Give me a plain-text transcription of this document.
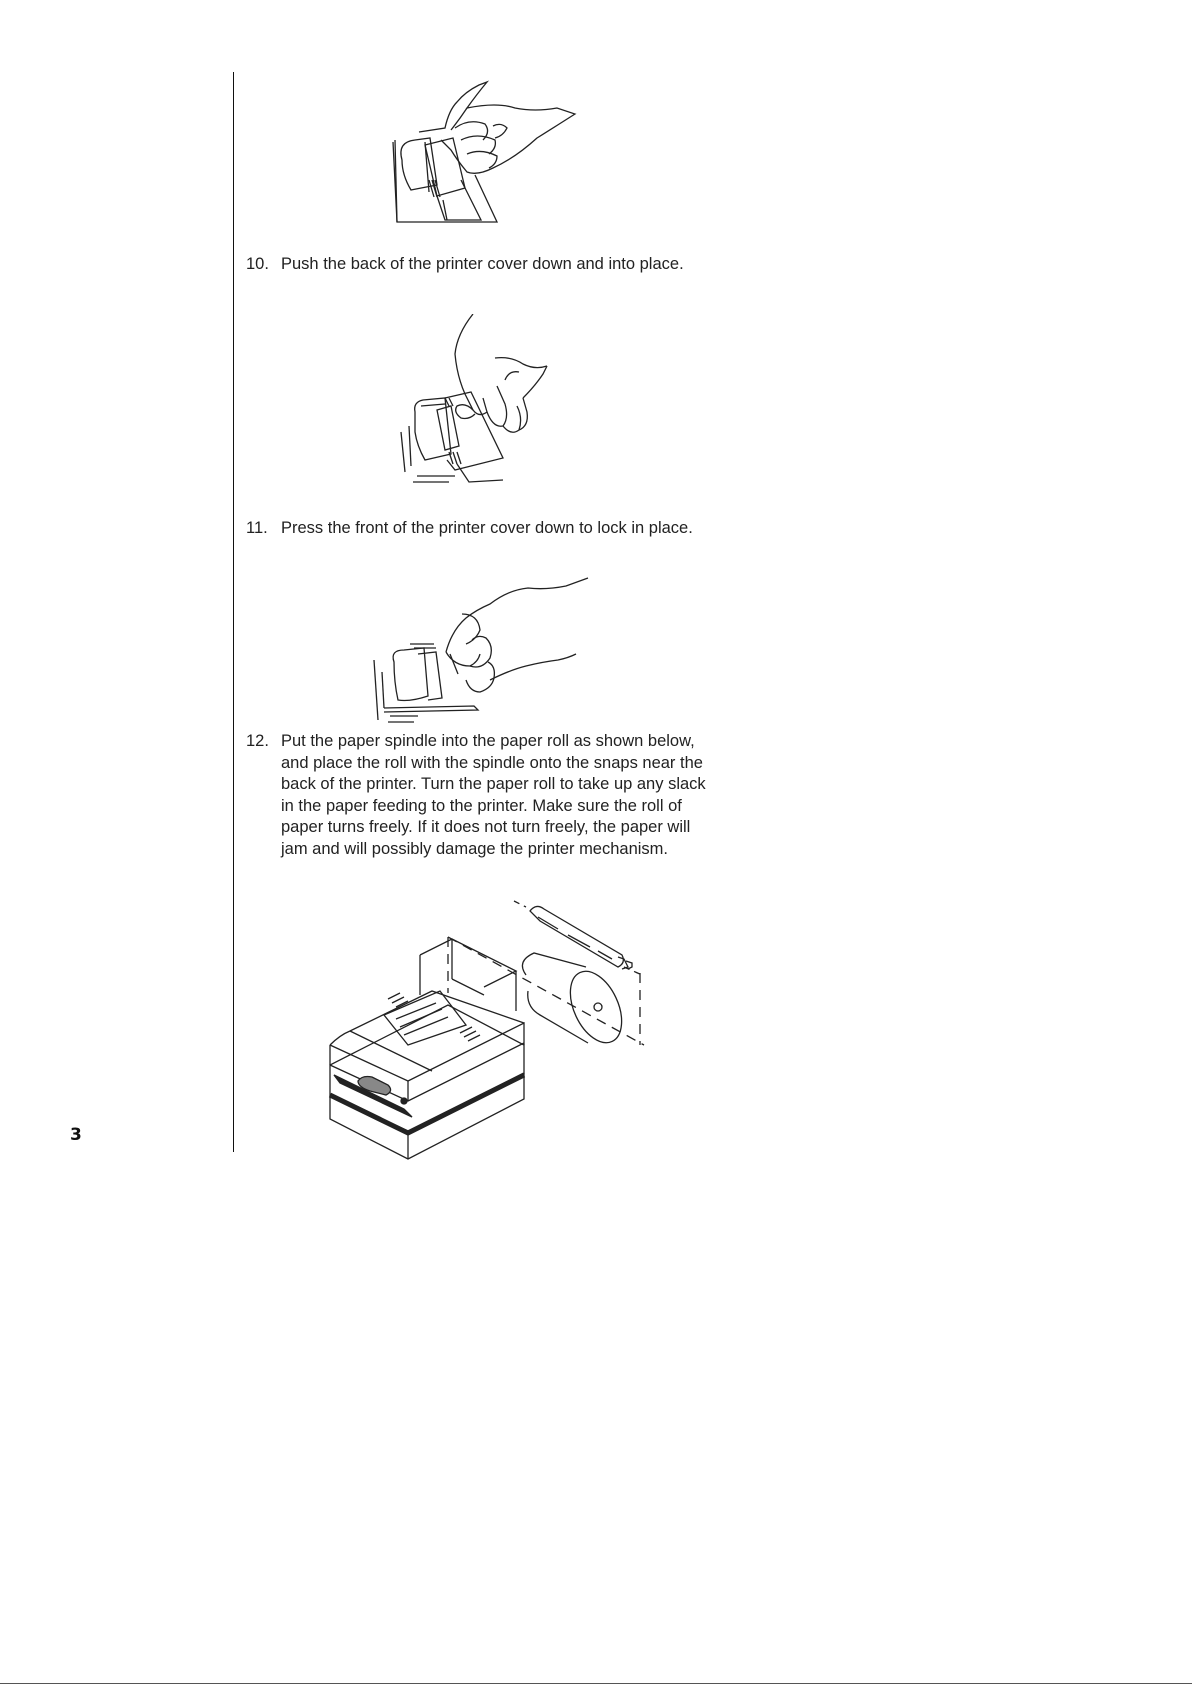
3
10. Push the back of the printer cover down and into place.
11. Press the front of the printer cover down to lock in place.
12. Put the paper spindle into the paper roll as shown below, and place the roll with the spindle onto the snaps near the back of the printer. Turn the paper roll to take up any slack in the paper feeding to the printer. Make sure the roll of paper turns freely. If it does not turn freely, the paper will jam and will possibly damage the printer mechanism.
